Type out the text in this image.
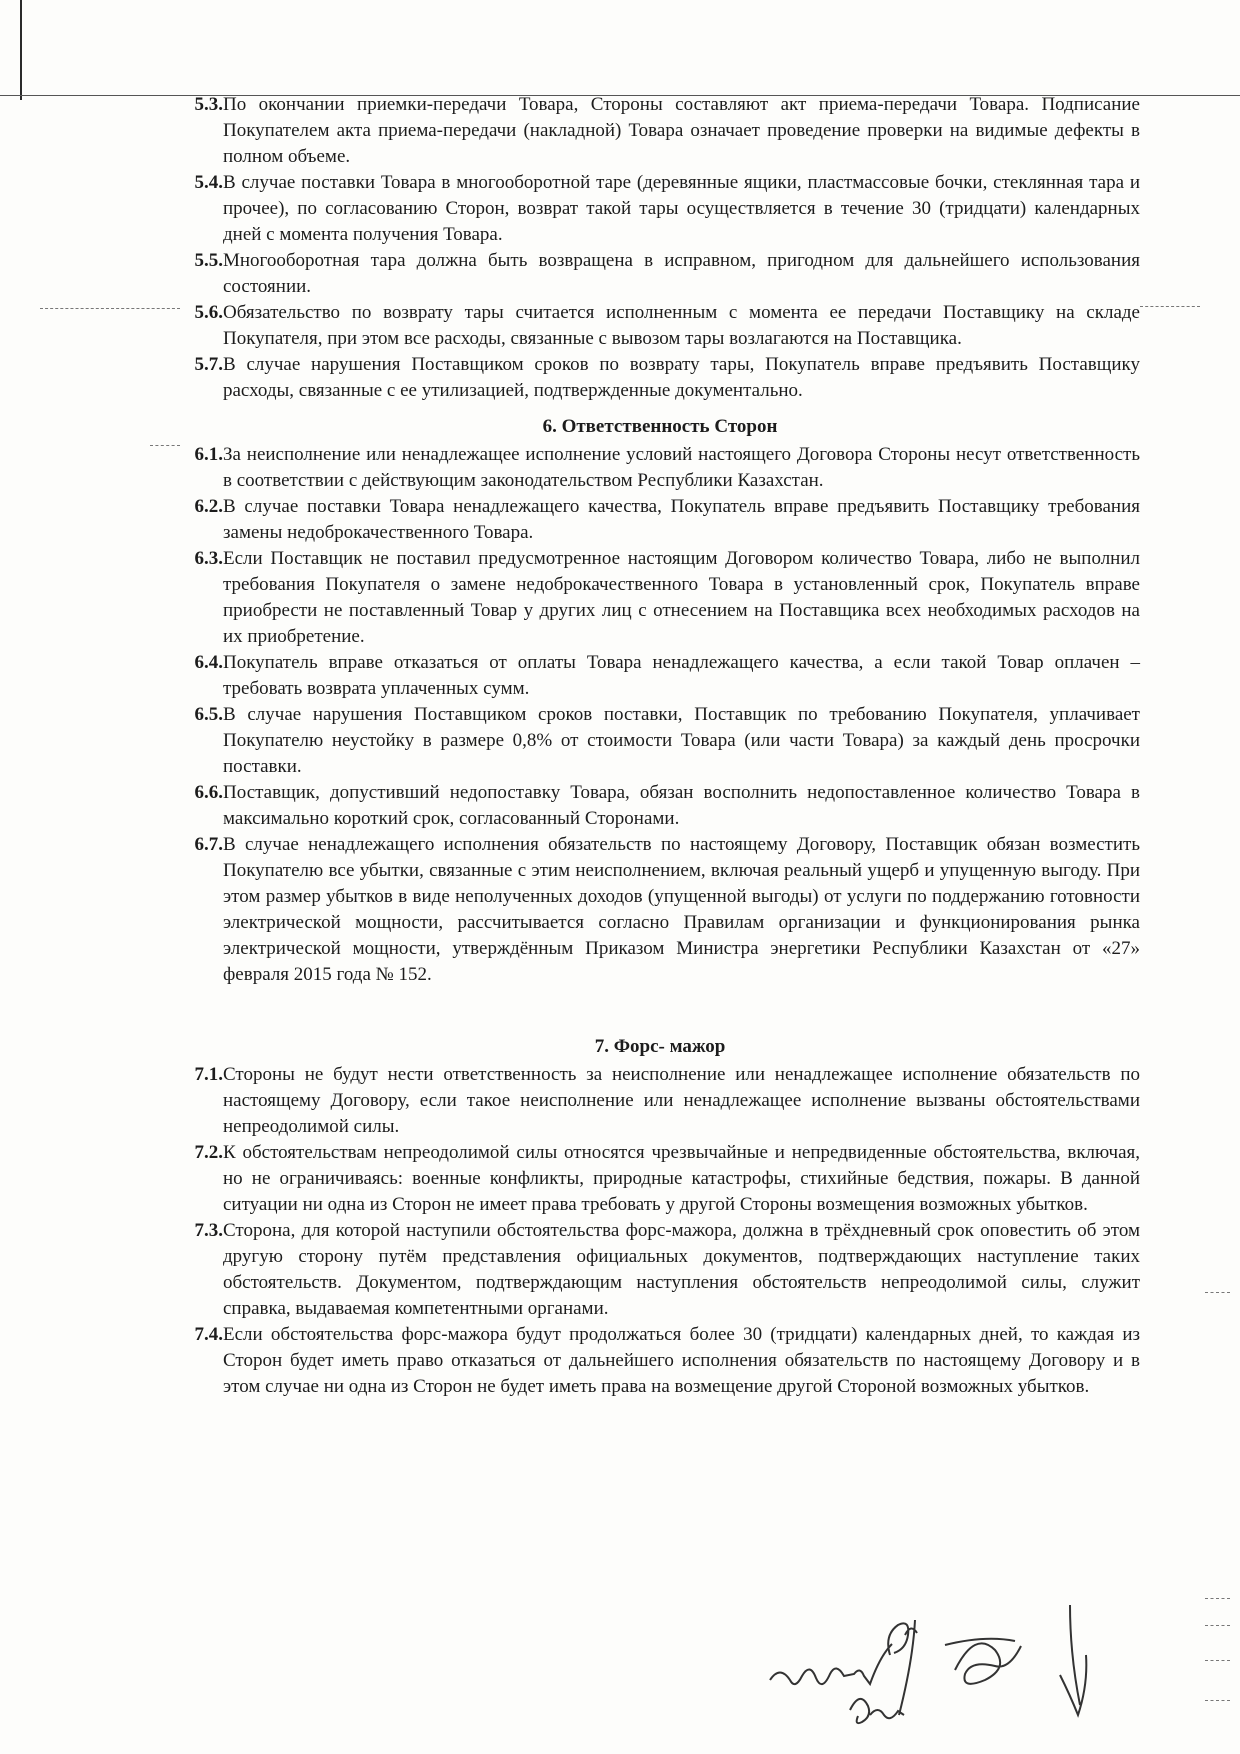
5.3. По окончании приемки-передачи Товара, Стороны составляют акт приема-передачи Товара. Подписание Покупателем акта приема-передачи (накладной) Товара означает проведение проверки на видимые дефекты в полном объеме.
5.4. В случае поставки Товара в многооборотной таре (деревянные ящики, пластмассовые бочки, стеклянная тара и прочее), по согласованию Сторон, возврат такой тары осуществляется в течение 30 (тридцати) календарных дней с момента получения Товара.
5.5. Многооборотная тара должна быть возвращена в исправном, пригодном для дальнейшего использования состоянии.
5.6. Обязательство по возврату тары считается исполненным с момента ее передачи Поставщику на складе Покупателя, при этом все расходы, связанные с вывозом тары возлагаются на Поставщика.
5.7. В случае нарушения Поставщиком сроков по возврату тары, Покупатель вправе предъявить Поставщику расходы, связанные с ее утилизацией, подтвержденные документально.
6. Ответственность Сторон
6.1. За неисполнение или ненадлежащее исполнение условий настоящего Договора Стороны несут ответственность в соответствии с действующим законодательством Республики Казахстан.
6.2. В случае поставки Товара ненадлежащего качества, Покупатель вправе предъявить Поставщику требования замены недоброкачественного Товара.
6.3. Если Поставщик не поставил предусмотренное настоящим Договором количество Товара, либо не выполнил требования Покупателя о замене недоброкачественного Товара в установленный срок, Покупатель вправе приобрести не поставленный Товар у других лиц с отнесением на Поставщика всех необходимых расходов на их приобретение.
6.4. Покупатель вправе отказаться от оплаты Товара ненадлежащего качества, а если такой Товар оплачен – требовать возврата уплаченных сумм.
6.5. В случае нарушения Поставщиком сроков поставки, Поставщик по требованию Покупателя, уплачивает Покупателю неустойку в размере 0,8% от стоимости Товара (или части Товара) за каждый день просрочки поставки.
6.6. Поставщик, допустивший недопоставку Товара, обязан восполнить недопоставленное количество Товара в максимально короткий срок, согласованный Сторонами.
6.7. В случае ненадлежащего исполнения обязательств по настоящему Договору, Поставщик обязан возместить Покупателю все убытки, связанные с этим неисполнением, включая реальный ущерб и упущенную выгоду. При этом размер убытков в виде неполученных доходов (упущенной выгоды) от услуги по поддержанию готовности электрической мощности, рассчитывается согласно Правилам организации и функционирования рынка электрической мощности, утверждённым Приказом Министра энергетики Республики Казахстан от «27» февраля 2015 года № 152.
7. Форс- мажор
7.1. Стороны не будут нести ответственность за неисполнение или ненадлежащее исполнение обязательств по настоящему Договору, если такое неисполнение или ненадлежащее исполнение вызваны обстоятельствами непреодолимой силы.
7.2. К обстоятельствам непреодолимой силы относятся чрезвычайные и непредвиденные обстоятельства, включая, но не ограничиваясь: военные конфликты, природные катастрофы, стихийные бедствия, пожары. В данной ситуации ни одна из Сторон не имеет права требовать у другой Стороны возмещения возможных убытков.
7.3. Сторона, для которой наступили обстоятельства форс-мажора, должна в трёхдневный срок оповестить об этом другую сторону путём представления официальных документов, подтверждающих наступление таких обстоятельств. Документом, подтверждающим наступления обстоятельств непреодолимой силы, служит справка, выдаваемая компетентными органами.
7.4. Если обстоятельства форс-мажора будут продолжаться более 30 (тридцати) календарных дней, то каждая из Сторон будет иметь право отказаться от дальнейшего исполнения обязательств по настоящему Договору и в этом случае ни одна из Сторон не будет иметь права на возмещение другой Стороной возможных убытков.
